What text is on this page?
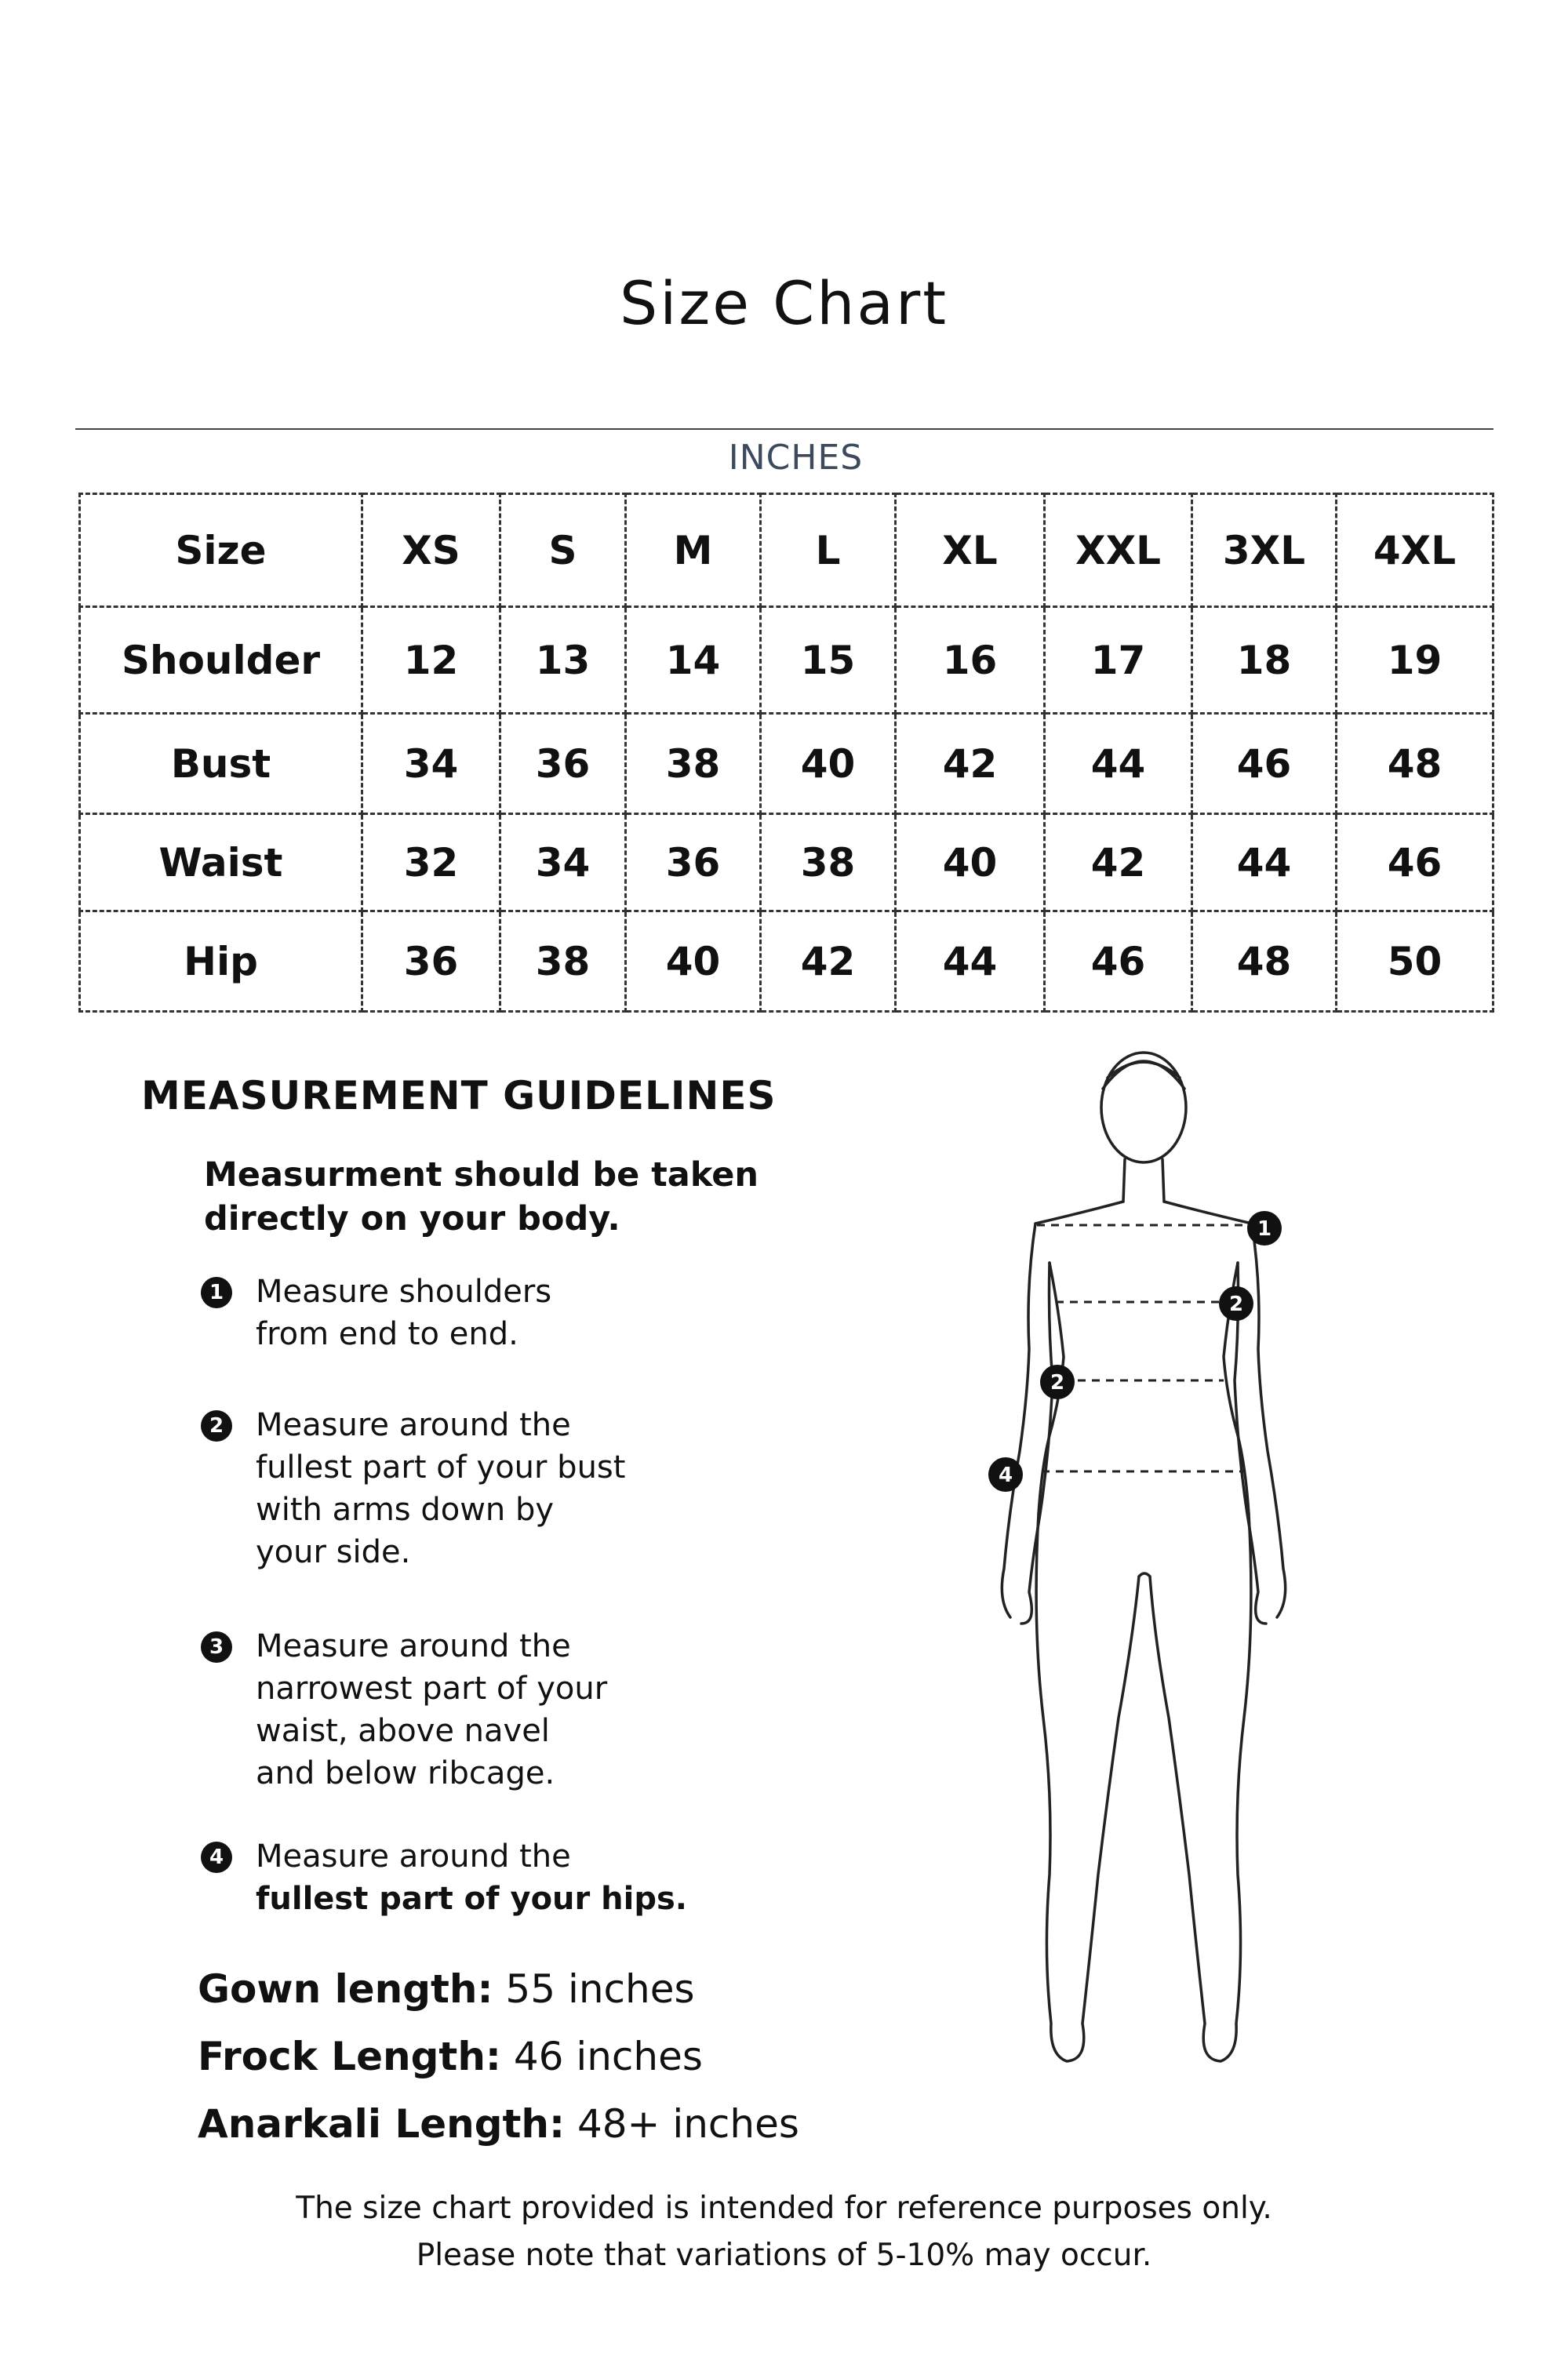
Size Chart
INCHES
Size	XS	S	M	L	XL	XXL	3XL	4XL
Shoulder	12	13	14	15	16	17	18	19
Bust	34	36	38	40	42	44	46	48
Waist	32	34	36	38	40	42	44	46
Hip	36	38	40	42	44	46	48	50
MEASUREMENT GUIDELINES
Measurment should be taken
directly on your body.
1 Measure shoulders
from end to end.
2 Measure around the
fullest part of your bust
with arms down by
your side.
3 Measure around the
narrowest part of your
waist, above navel
and below ribcage.
4 Measure around the
fullest part of your hips.
Gown length: 55 inches
Frock Length: 46 inches
Anarkali Length: 48+ inches
1
2
2
4
The size chart provided is intended for reference purposes only.
Please note that variations of 5-10% may occur.
